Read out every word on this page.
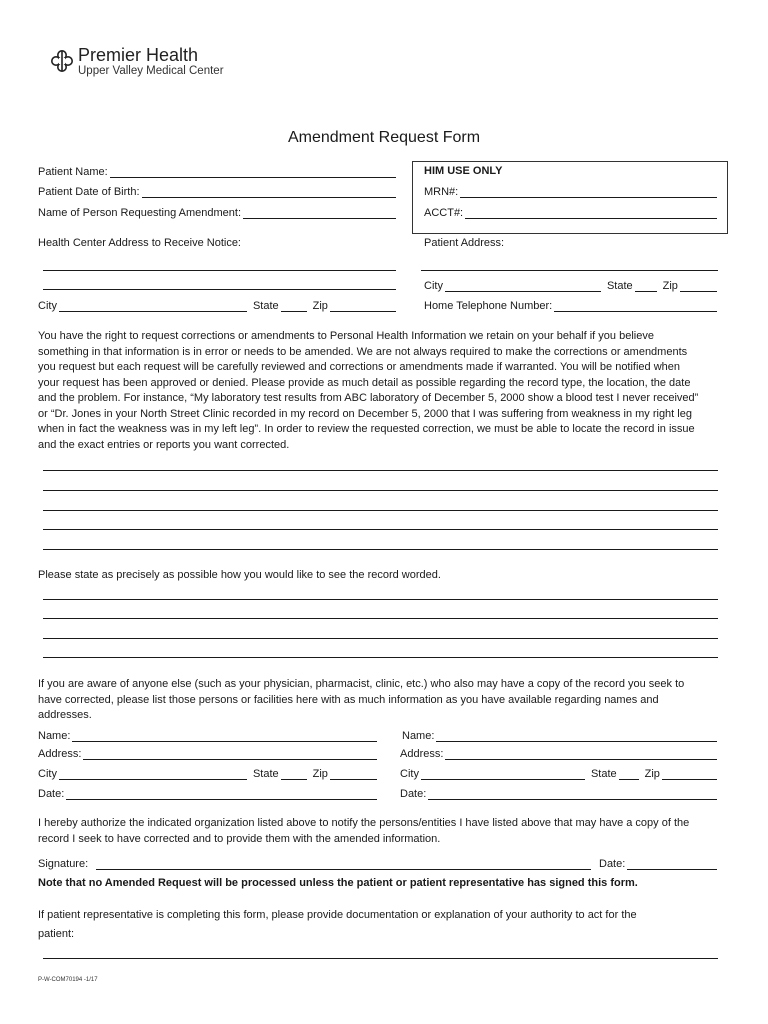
Premier Health
Upper Valley Medical Center
Amendment Request Form
Patient Name:
Patient Date of Birth:
Name of Person Requesting Amendment:
HIM USE ONLY
MRN#:
ACCT#:
Health Center Address to Receive Notice:
City	State	Zip
Patient Address:
City	State	Zip
Home Telephone Number:

You have the right to request corrections or amendments to Personal Health Information we retain on your behalf if you believe

something in that information is in error or needs to be amended. We are not always required to make the corrections or amendments

you request but each request will be carefully reviewed and corrections or amendments made if warranted. You will be notified when

your request has been approved or denied. Please provide as much detail as possible regarding the record type, the location, the date

and the problem. For instance, “My laboratory test results from ABC laboratory of December 5, 2000 show a blood test I never received”

or “Dr. Jones in your North Street Clinic recorded in my record on December 5, 2000 that I was suffering from weakness in my right leg

when in fact the weakness was in my left leg”. In order to review the requested correction, we must be able to locate the record in issue

and the exact entries or reports you want corrected.

Please state as precisely as possible how you would like to see the record worded.

If you are aware of anyone else (such as your physician, pharmacist, clinic, etc.) who also may have a copy of the record you seek to

have corrected, please list those persons or facilities here with as much information as you have available regarding names and

addresses.

Name:
Address:
City	State	Zip
Date:
Name:
Address:
City	State	Zip
Date:

I hereby authorize the indicated organization listed above to notify the persons/entities I have listed above that may have a copy of the

record I seek to have corrected and to provide them with the amended information.

Signature:	Date:
Note that no Amended Request will be processed unless the patient or patient representative has signed this form.

If patient representative is completing this form, please provide documentation or explanation of your authority to act for the

patient:

P-W-COM70194 -1/17
